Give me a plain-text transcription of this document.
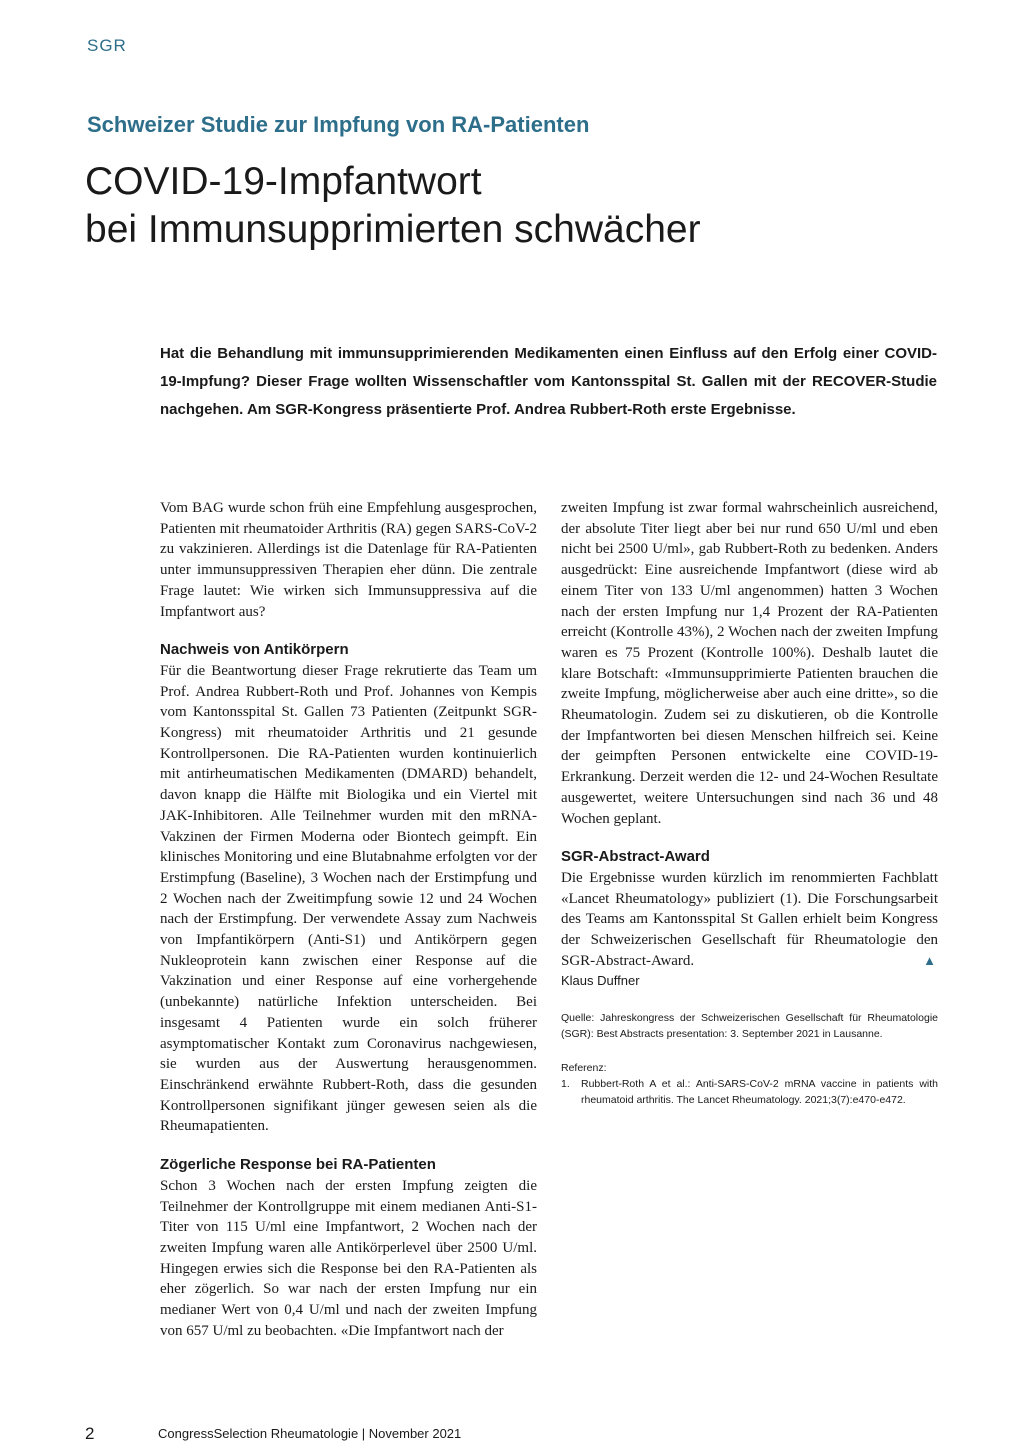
SGR
Schweizer Studie zur Impfung von RA-Patienten
COVID-19-Impfantwort
bei Immunsupprimierten schwächer

Hat die Behandlung mit immunsupprimierenden Medikamenten einen Einfluss auf den Erfolg einer COVID-19-Impfung? Dieser Frage wollten Wissenschaftler vom Kantonsspital St. Gallen mit der RECOVER-Studie nachgehen. Am SGR-Kongress präsentierte Prof. Andrea Rubbert-Roth erste Ergebnisse.

Vom BAG wurde schon früh eine Empfehlung ausgesprochen, Patienten mit rheumatoider Arthritis (RA) gegen SARS-CoV-2 zu vakzinieren. Allerdings ist die Datenlage für RA-Patienten unter immunsuppressiven Therapien eher dünn. Die zentrale Frage lautet: Wie wirken sich Immunsuppressiva auf die Impfantwort aus?

Nachweis von Antikörpern

Für die Beantwortung dieser Frage rekrutierte das Team um Prof. Andrea Rubbert-Roth und Prof. Johannes von Kempis vom Kantonsspital St. Gallen 73 Patienten (Zeitpunkt SGR-Kongress) mit rheumatoider Arthritis und 21 gesunde Kontrollpersonen. Die RA-Patienten wurden kontinuierlich mit antirheumatischen Medikamenten (DMARD) behandelt, davon knapp die Hälfte mit Biologika und ein Viertel mit JAK-Inhibitoren. Alle Teilnehmer wurden mit den mRNA-Vakzinen der Firmen Moderna oder Biontech geimpft. Ein klinisches Monitoring und eine Blutabnahme erfolgten vor der Erstimpfung (Baseline), 3 Wochen nach der Erstimpfung und 2 Wochen nach der Zweitimpfung sowie 12 und 24 Wochen nach der Erstimpfung. Der verwendete Assay zum Nachweis von Impfantikörpern (Anti-S1) und Antikörpern gegen Nukleoprotein kann zwischen einer Response auf die Vakzination und einer Response auf eine vorhergehende (unbekannte) natürliche Infektion unterscheiden. Bei insgesamt 4 Patienten wurde ein solch früherer asymptomatischer Kontakt zum Coronavirus nachgewiesen, sie wurden aus der Auswertung herausgenommen. Einschränkend erwähnte Rubbert-Roth, dass die gesunden Kontrollpersonen signifikant jünger gewesen seien als die Rheumapatienten.

Zögerliche Response bei RA-Patienten

Schon 3 Wochen nach der ersten Impfung zeigten die Teilnehmer der Kontrollgruppe mit einem medianen Anti-S1-Titer von 115 U/ml eine Impfantwort, 2 Wochen nach der zweiten Impfung waren alle Antikörperlevel über 2500 U/ml. Hingegen erwies sich die Response bei den RA-Patienten als eher zögerlich. So war nach der ersten Impfung nur ein medianer Wert von 0,4 U/ml und nach der zweiten Impfung von 657 U/ml zu beobachten. «Die Impfantwort nach der

zweiten Impfung ist zwar formal wahrscheinlich ausreichend, der absolute Titer liegt aber bei nur rund 650 U/ml und eben nicht bei 2500 U/ml», gab Rubbert-Roth zu bedenken. Anders ausgedrückt: Eine ausreichende Impfantwort (diese wird ab einem Titer von 133 U/ml angenommen) hatten 3 Wochen nach der ersten Impfung nur 1,4 Prozent der RA-Patienten erreicht (Kontrolle 43%), 2 Wochen nach der zweiten Impfung waren es 75 Prozent (Kontrolle 100%). Deshalb lautet die klare Botschaft: «Immunsupprimierte Patienten brauchen die zweite Impfung, möglicherweise aber auch eine dritte», so die Rheumatologin. Zudem sei zu diskutieren, ob die Kontrolle der Impfantworten bei diesen Menschen hilfreich sei. Keine der geimpften Personen entwickelte eine COVID-19-Erkrankung. Derzeit werden die 12- und 24-Wochen Resultate ausgewertet, weitere Untersuchungen sind nach 36 und 48 Wochen geplant.

SGR-Abstract-Award

Die Ergebnisse wurden kürzlich im renommierten Fachblatt «Lancet Rheumatology» publiziert (1). Die Forschungsarbeit des Teams am Kantonsspital St Gallen erhielt beim Kongress der Schweizerischen Gesellschaft für Rheumatologie den SGR-Abstract-Award.	▲

Klaus Duffner

Quelle: Jahreskongress der Schweizerischen Gesellschaft für Rheumatologie (SGR): Best Abstracts presentation: 3. September 2021 in Lausanne.
Referenz:
1. Rubbert-Roth A et al.: Anti-SARS-CoV-2 mRNA vaccine in patients with rheumatoid arthritis. The Lancet Rheumatology. 2021;3(7):e470-e472.
2	CongressSelection Rheumatologie | November 2021
